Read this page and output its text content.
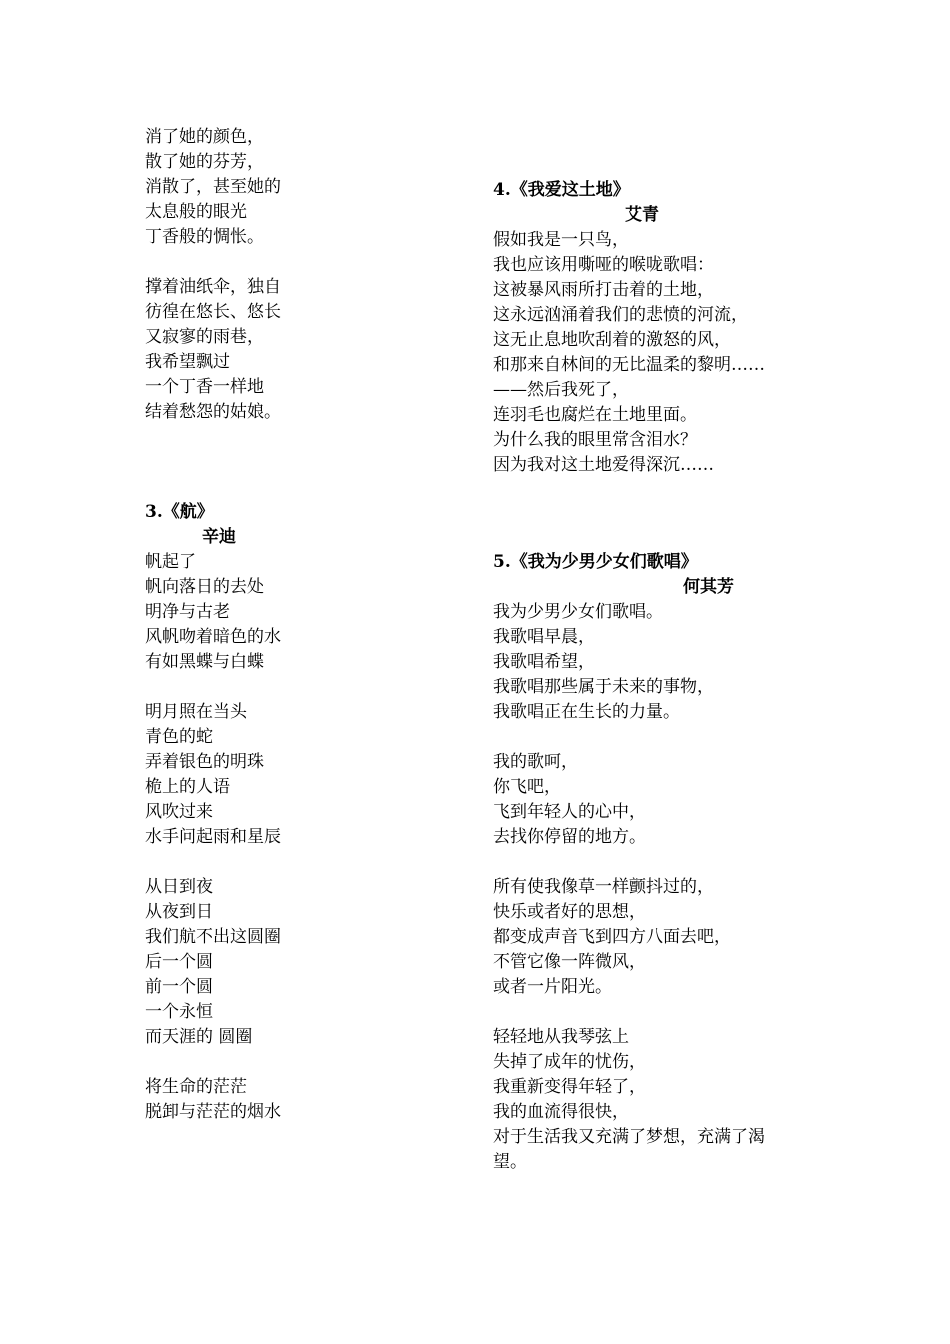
消了她的颜色，
散了她的芬芳，
消散了，甚至她的
太息般的眼光
丁香般的惆怅。
撑着油纸伞，独自
彷徨在悠长、悠长
又寂寥的雨巷，
我希望飘过
一个丁香一样地
结着愁怨的姑娘。
3.《航》
辛迪
帆起了
帆向落日的去处
明净与古老
风帆吻着暗色的水
有如黑蝶与白蝶
明月照在当头
青色的蛇
弄着银色的明珠
桅上的人语
风吹过来
水手问起雨和星辰
从日到夜
从夜到日
我们航不出这圆圈
后一个圆
前一个圆
一个永恒
而天涯的 圆圈
将生命的茫茫
脱卸与茫茫的烟水
4.《我爱这土地》
艾青
假如我是一只鸟，
我也应该用嘶哑的喉咙歌唱：
这被暴风雨所打击着的土地，
这永远汹涌着我们的悲愤的河流，
这无止息地吹刮着的激怒的风，
和那来自林间的无比温柔的黎明……
——然后我死了，
连羽毛也腐烂在土地里面。
为什么我的眼里常含泪水？
因为我对这土地爱得深沉……
5.《我为少男少女们歌唱》
何其芳
我为少男少女们歌唱。
我歌唱早晨，
我歌唱希望，
我歌唱那些属于未来的事物，
我歌唱正在生长的力量。
我的歌呵，
你飞吧，
飞到年轻人的心中，
去找你停留的地方。
所有使我像草一样颤抖过的，
快乐或者好的思想，
都变成声音飞到四方八面去吧，
不管它像一阵微风，
或者一片阳光。
轻轻地从我琴弦上
失掉了成年的忧伤，
我重新变得年轻了，
我的血流得很快，
对于生活我又充满了梦想，充满了渴
望。
